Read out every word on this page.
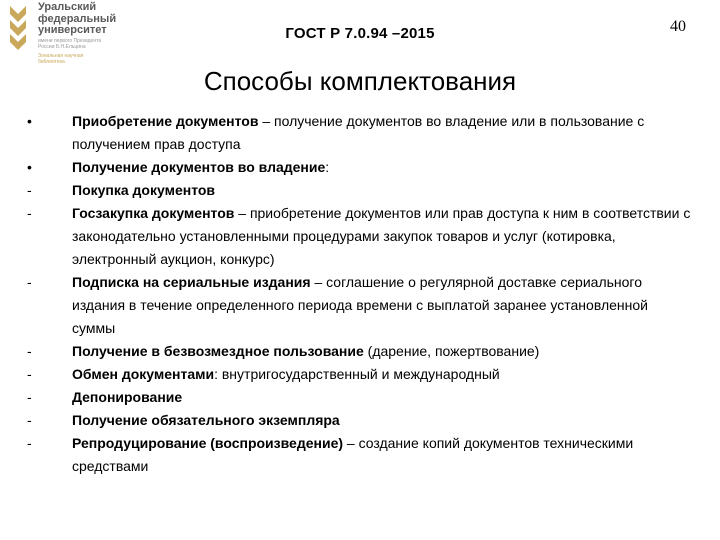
Уральский федеральный университет
имени первого Президента
России Б.Н.Ельцина
Зональная научная
библиотека
ГОСТ Р 7.0.94 –2015	40
Способы комплектования
•	Приобретение документов – получение документов во владение или в пользование с получением прав доступа
•	Получение документов во владение:
-	Покупка документов
-	Госзакупка документов – приобретение документов или прав доступа к ним в соответствии с законодательно установленными процедурами закупок товаров и услуг (котировка, электронный аукцион, конкурс)
-	Подписка на сериальные издания – соглашение о регулярной доставке сериального издания в течение определенного периода времени с выплатой заранее установленной суммы
-	Получение в безвозмездное пользование (дарение, пожертвование)
-	Обмен документами: внутригосударственный и международный
-	Депонирование
-	Получение обязательного экземпляра
-	Репродуцирование (воспроизведение) – создание копий документов техническими средствами
